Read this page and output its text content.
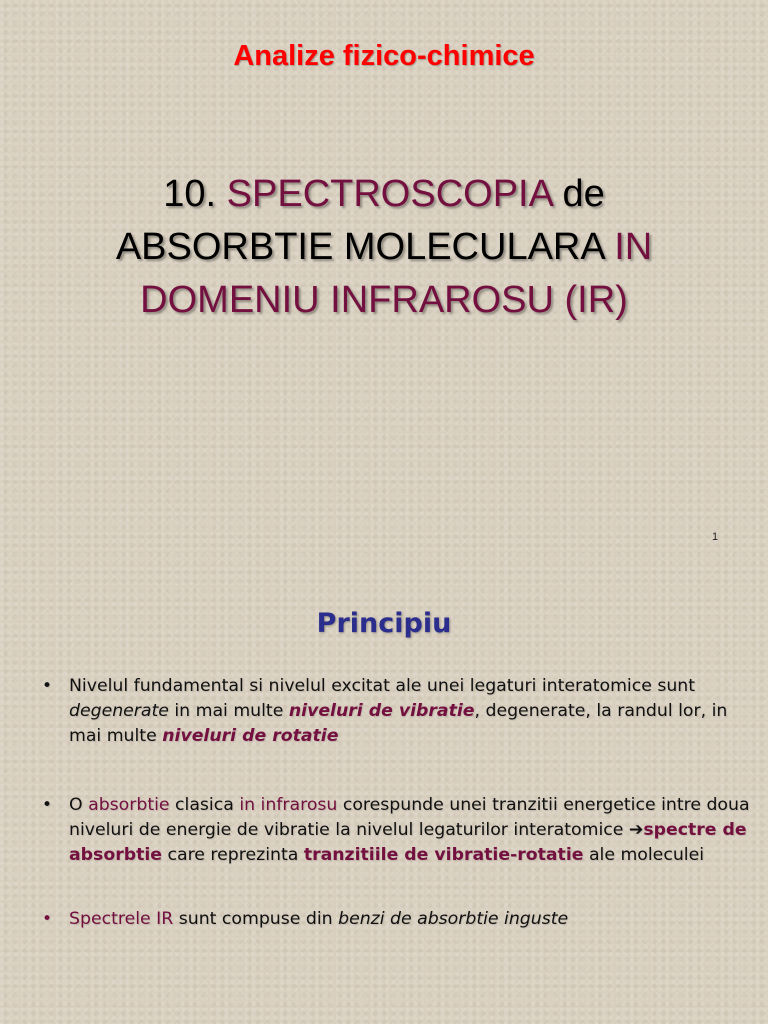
Analize fizico-chimice
10. SPECTROSCOPIA de
ABSORBTIE MOLECULARA IN
DOMENIU INFRAROSU (IR)
1
Principiu
• Nivelul fundamental si nivelul excitat ale unei legaturi interatomice sunt degenerate in mai multe niveluri de vibratie, degenerate, la randul lor, in mai multe niveluri de rotatie
• O absorbtie clasica in infrarosu corespunde unei tranzitii energetice intre doua niveluri de energie de vibratie la nivelul legaturilor interatomice ➔spectre de absorbtie care reprezinta tranzitiile de vibratie-rotatie ale moleculei
• Spectrele IR sunt compuse din benzi de absorbtie inguste
